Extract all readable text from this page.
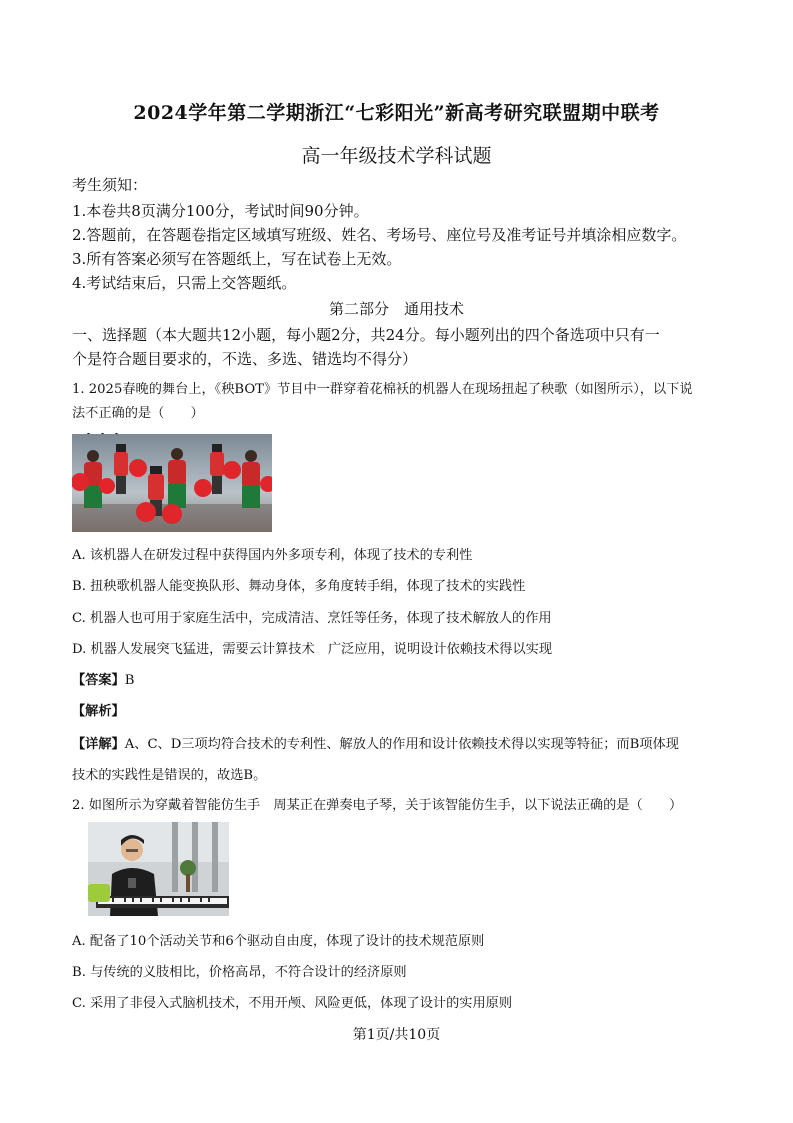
2024学年第二学期浙江“七彩阳光”新高考研究联盟期中联考
高一年级技术学科试题
考生须知：
1.本卷共8页满分100分，考试时间90分钟。
2.答题前，在答题卷指定区域填写班级、姓名、考场号、座位号及准考证号并填涂相应数字。
3.所有答案必须写在答题纸上，写在试卷上无效。
4.考试结束后，只需上交答题纸。
第二部分　通用技术
一、选择题（本大题共12小题，每小题2分，共24分。每小题列出的四个备选项中只有一
个是符合题目要求的，不选、多选、错选均不得分）
1. 2025春晚的舞台上，《秧BOT》节目中一群穿着花棉袄的机器人在现场扭起了秧歌（如图所示），以下说
法不正确的是（　　）
A. 该机器人在研发过程中获得国内外多项专利，体现了技术的专利性
B. 扭秧歌机器人能变换队形、舞动身体，多角度转手绢，体现了技术的实践性
C. 机器人也可用于家庭生活中，完成清洁、烹饪等任务，体现了技术解放人的作用
D. 机器人发展突飞猛进，需要云计算技术　广泛应用，说明设计依赖技术得以实现
【答案】B
【解析】
【详解】A、C、D三项均符合技术的专利性、解放人的作用和设计依赖技术得以实现等特征；而B项体现
技术的实践性是错误的，故选B。
2. 如图所示为穿戴着智能仿生手　周某正在弹奏电子琴，关于该智能仿生手，以下说法正确的是（　　）
A. 配备了10个活动关节和6个驱动自由度，体现了设计的技术规范原则
B. 与传统的义肢相比，价格高昂，不符合设计的经济原则
C. 采用了非侵入式脑机技术，不用开颅、风险更低，体现了设计的实用原则
第1页/共10页
